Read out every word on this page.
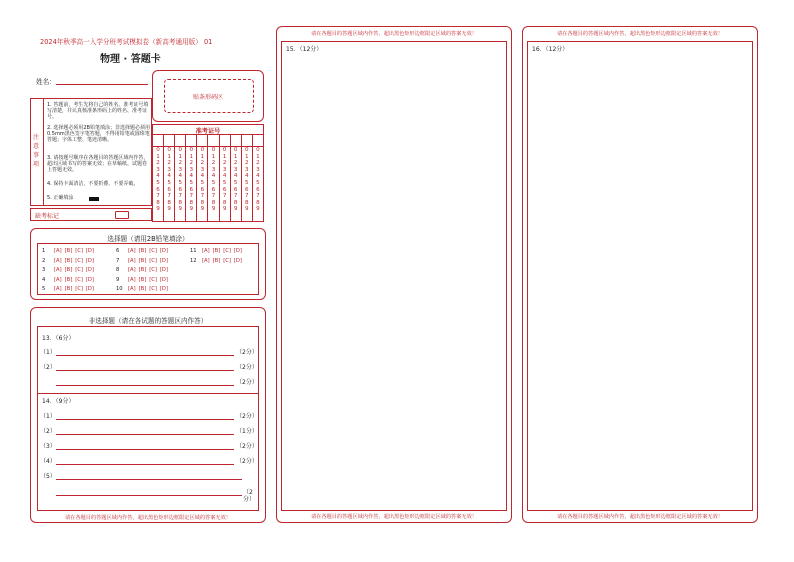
2024年秋季高一入学分班考试模拟卷（新高考通用版） 01
物理 · 答题卡
姓名：
贴条形码区
注意事项
1. 答题前，考生先将自己的姓名、准考证号填写清楚，并认真核准条形码上的姓名、准考证号。
2. 选择题必须用2B铅笔填涂；非选择题必须用0.5mm黑色签字笔答题，不得用铅笔或圆珠笔答题；字体工整、笔迹清晰。
3. 请按题号顺序在各题目的答题区域内作答，超出区域书写的答案无效；在草稿纸、试题卷上答题无效。
4. 保持卡面清洁，不要折叠、不要弄破。
5. 正确填涂
准考证号
0
1
2
3
4
5
6
7
8
9
0
1
2
3
4
5
6
7
8
9
0
1
2
3
4
5
6
7
8
9
0
1
2
3
4
5
6
7
8
9
0
1
2
3
4
5
6
7
8
9
0
1
2
3
4
5
6
7
8
9
0
1
2
3
4
5
6
7
8
9
0
1
2
3
4
5
6
7
8
9
0
1
2
3
4
5
6
7
8
9
0
1
2
3
4
5
6
7
8
9
缺考标记
选择题（请用2B铅笔填涂）
1 [A] [B] [C] [D]
2 [A] [B] [C] [D]
3 [A] [B] [C] [D]
4 [A] [B] [C] [D]
5 [A] [B] [C] [D]
6 [A] [B] [C] [D]
7 [A] [B] [C] [D]
8 [A] [B] [C] [D]
9 [A] [B] [C] [D]
10 [A] [B] [C] [D]
11 [A] [B] [C] [D]
12 [A] [B] [C] [D]
非选择题（请在各试题的答题区内作答）
13．（6分）
（1）	（2分）
（2）	（2分）
（2分）
14．（9分）
（1）	（2分）
（2）	（1分）
（3）	（2分）
（4）	（2分）
（5）
（2分）
请在各题目的答题区域内作答，超出黑色矩形边框限定区域的答案无效！
请在各题目的答题区域内作答，超出黑色矩形边框限定区域的答案无效！
15．（12分）
请在各题目的答题区域内作答，超出黑色矩形边框限定区域的答案无效！
请在各题目的答题区域内作答，超出黑色矩形边框限定区域的答案无效！
16．（12分）
请在各题目的答题区域内作答，超出黑色矩形边框限定区域的答案无效！
